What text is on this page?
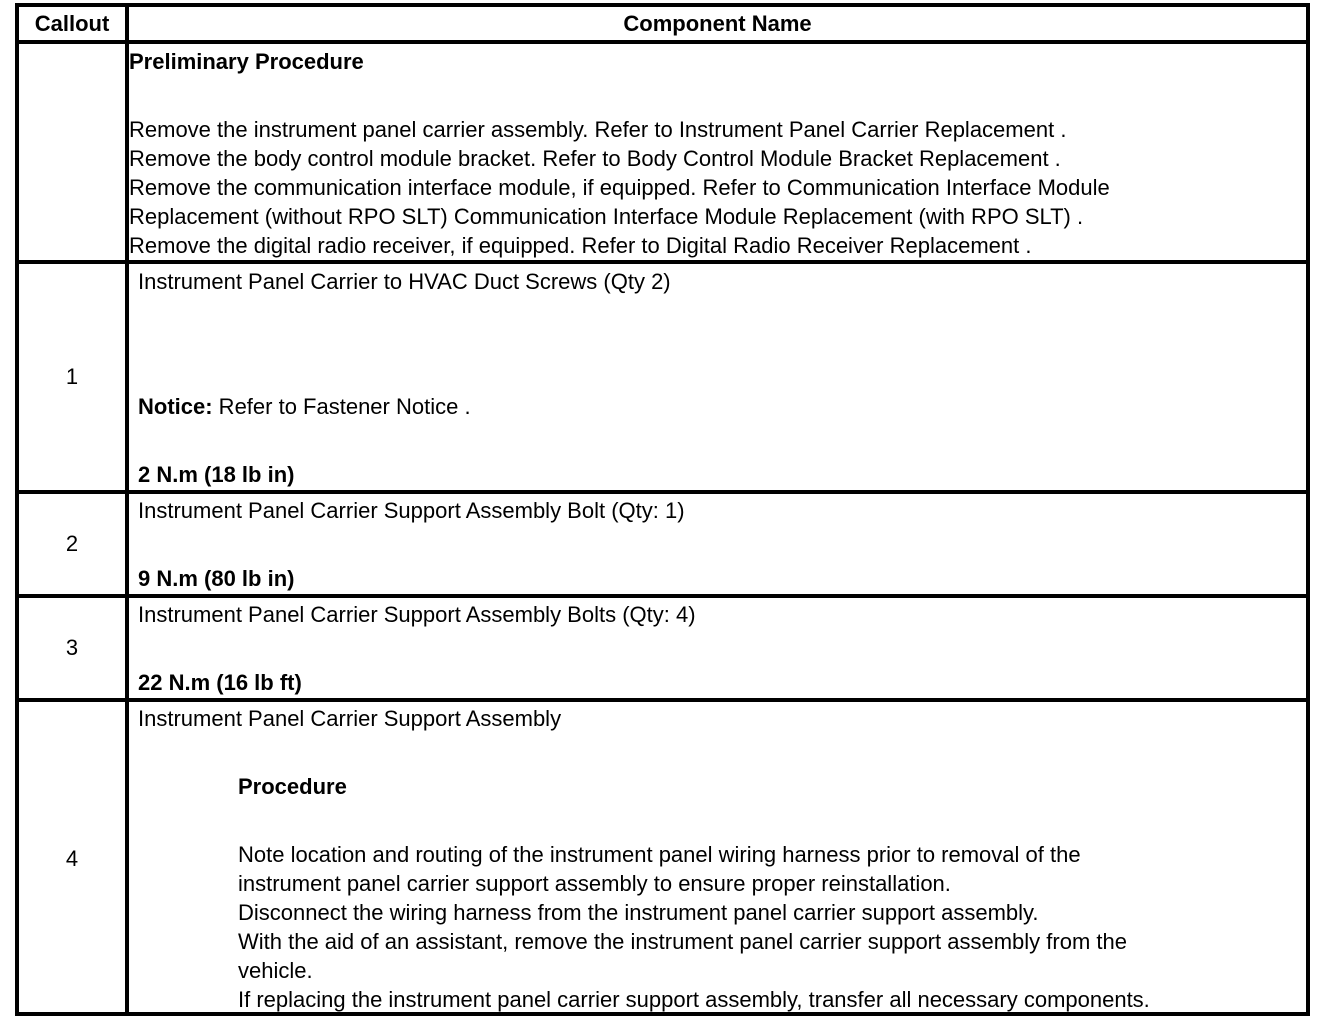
Callout	Component Name
Preliminary Procedure
Remove the instrument panel carrier assembly. Refer to Instrument Panel Carrier Replacement .
Remove the body control module bracket. Refer to Body Control Module Bracket Replacement .
Remove the communication interface module, if equipped. Refer to Communication Interface Module
Replacement (without RPO SLT) Communication Interface Module Replacement (with RPO SLT) .
Remove the digital radio receiver, if equipped. Refer to Digital Radio Receiver Replacement .
1
Instrument Panel Carrier to HVAC Duct Screws (Qty 2)
Notice: Refer to Fastener Notice .
2 N.m (18 lb in)
2
Instrument Panel Carrier Support Assembly Bolt (Qty: 1)
9 N.m (80 lb in)
3
Instrument Panel Carrier Support Assembly Bolts (Qty: 4)
22 N.m (16 lb ft)
4
Instrument Panel Carrier Support Assembly
Procedure
Note location and routing of the instrument panel wiring harness prior to removal of the
instrument panel carrier support assembly to ensure proper reinstallation.
Disconnect the wiring harness from the instrument panel carrier support assembly.
With the aid of an assistant, remove the instrument panel carrier support assembly from the
vehicle.
If replacing the instrument panel carrier support assembly, transfer all necessary components.
